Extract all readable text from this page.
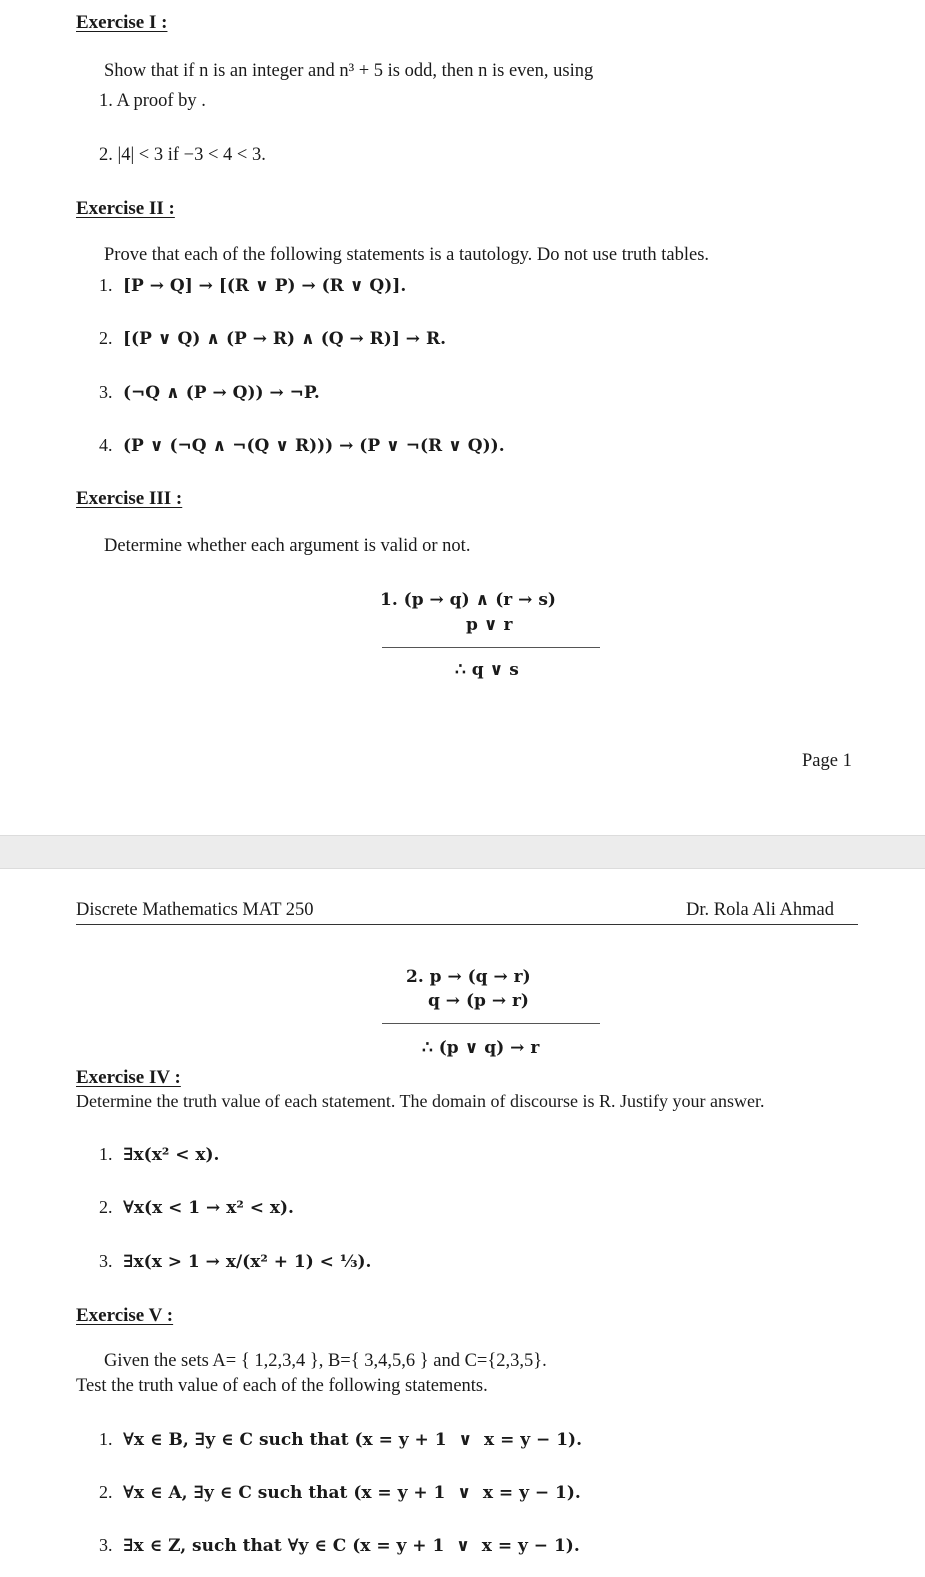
Exercise I :
Show that if n is an integer and n³ + 5 is odd, then n is even, using
1. A proof by .
2. |4| < 3 if −3 < 4 < 3.
Exercise II :
Prove that each of the following statements is a tautology. Do not use truth tables.
1. [P → Q] → [(R ∨ P) → (R ∨ Q)].
2. [(P ∨ Q) ∧ (P → R) ∧ (Q → R)] → R.
3. (¬Q ∧ (P → Q)) → ¬P.
4. (P ∨ (¬Q ∧ ¬(Q ∨ R))) → (P ∨ ¬(R ∨ Q)).
Exercise III :
Determine whether each argument is valid or not.
1. (p → q) ∧ (r → s)
p ∨ r
∴ q ∨ s
Page 1
Discrete Mathematics MAT 250	Dr. Rola Ali Ahmad
2. p → (q → r)
q → (p → r)
∴ (p ∨ q) → r
Exercise IV :
Determine the truth value of each statement. The domain of discourse is R. Justify your answer.
1. ∃x(x² < x).
2. ∀x(x < 1 → x² < x).
3. ∃x(x > 1 → x/(x² + 1) < ⅓).
Exercise V :
Given the sets A= { 1,2,3,4 }, B={ 3,4,5,6 } and C={2,3,5}.
Test the truth value of each of the following statements.
1. ∀x ∈ B, ∃y ∈ C such that (x = y + 1  ∨  x = y − 1).
2. ∀x ∈ A, ∃y ∈ C such that (x = y + 1  ∨  x = y − 1).
3. ∃x ∈ Z, such that ∀y ∈ C (x = y + 1  ∨  x = y − 1).
